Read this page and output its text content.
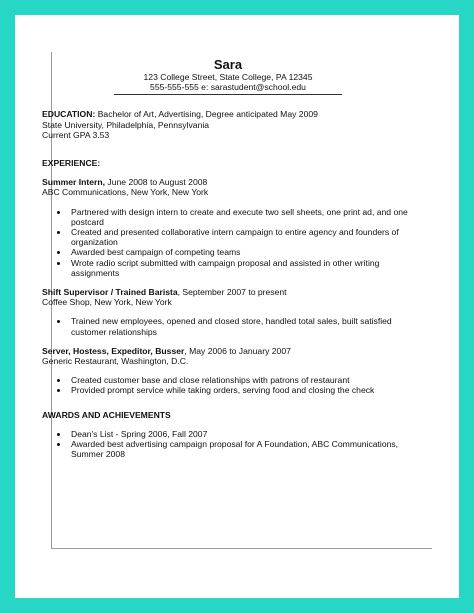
Sara
123 College Street, State College, PA 12345
555-555-555 e: sarastudent@school.edu
EDUCATION: Bachelor of Art, Advertising, Degree anticipated May 2009
State University, Philadelphia, Pennsylvania
Current GPA 3.53
EXPERIENCE:
Summer Intern, June 2008 to August 2008
ABC Communications, New York, New York
• Partnered with design intern to create and execute two sell sheets, one print ad, and one postcard
• Created and presented collaborative intern campaign to entire agency and founders of organization
• Awarded best campaign of competing teams
• Wrote radio script submitted with campaign proposal and assisted in other writing assignments
Shift Supervisor / Trained Barista, September 2007 to present
Coffee Shop, New York, New York
• Trained new employees, opened and closed store, handled total sales, built satisfied customer relationships
Server, Hostess, Expeditor, Busser, May 2006 to January 2007
Generic Restaurant, Washington, D.C.
• Created customer base and close relationships with patrons of restaurant
• Provided prompt service while taking orders, serving food and closing the check
AWARDS AND ACHIEVEMENTS
• Dean's List - Spring 2006, Fall 2007
• Awarded best advertising campaign proposal for A Foundation, ABC Communications, Summer 2008
